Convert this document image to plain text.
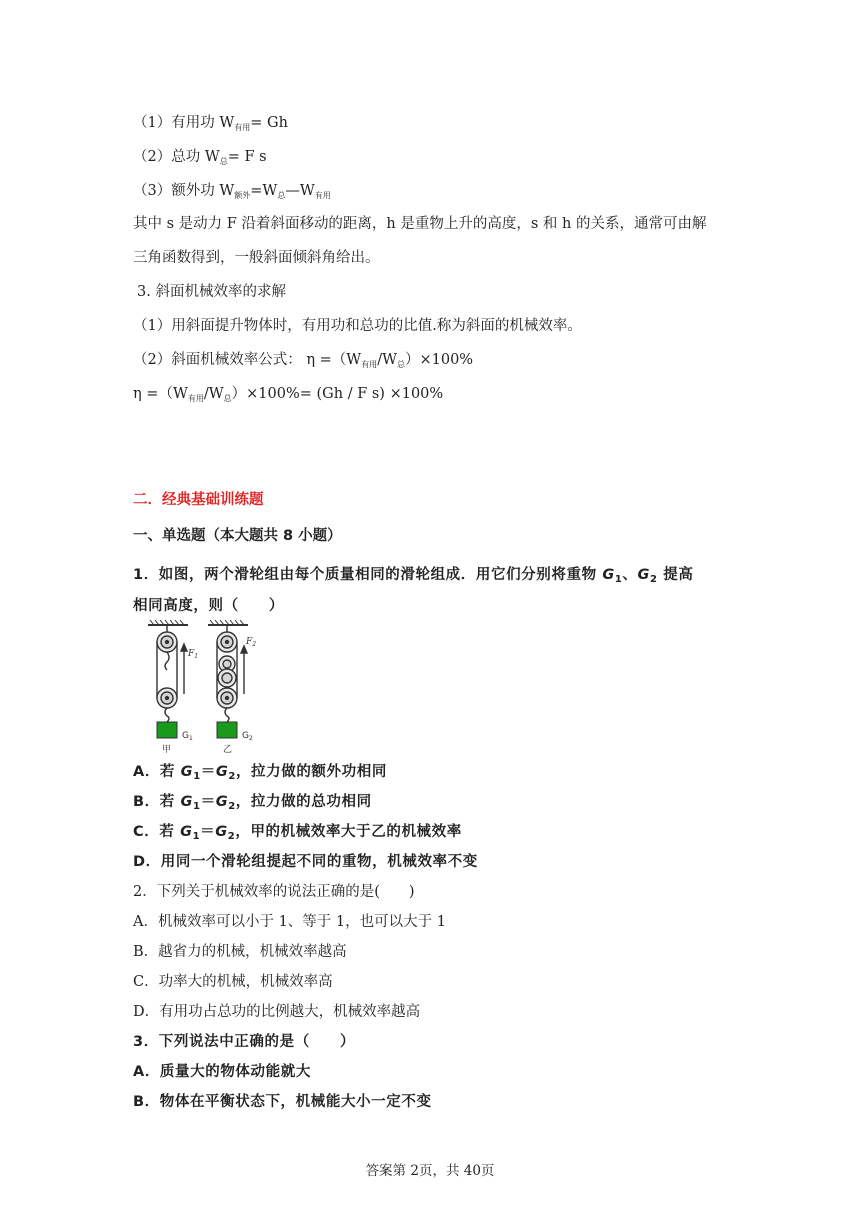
（1）有用功 $W_{有用}= Gh$
（2）总功 $W_总= F$ s
（3）额外功 $W_{额外}=W_总—W_{有用}$
其中 s 是动力 F 沿着斜面移动的距离，h 是重物上升的高度，s 和 h 的关系，通常可由解
三角函数得到，一般斜面倾斜角给出。
3. 斜面机械效率的求解
（1）用斜面提升物体时，有用功和总功的比值.称为斜面的机械效率。
（2）斜面机械效率公式： $\eta =(W_{有用}/W_总)\times 100\%$
$\eta =(W_{有用}/W_总)\times 100\%= (Gh / F$ s) ×100%
二．经典基础训练题
一、单选题（本大题共 8 小题）
1．如图，两个滑轮组由每个质量相同的滑轮组成．用它们分别将重物 $G_1$、$G_2$ 提高
相同高度，则（　　）
$F_1$
$G_1$
甲
$F_2$
$G_2$
乙
A．若 $G_1=G_2$，拉力做的额外功相同
B．若 $G_1=G_2$，拉力做的总功相同
C．若 $G_1=G_2$，甲的机械效率大于乙的机械效率
D．用同一个滑轮组提起不同的重物，机械效率不变
2．下列关于机械效率的说法正确的是(　　)
A．机械效率可以小于 1、等于 1，也可以大于 1
B．越省力的机械，机械效率越高
C．功率大的机械，机械效率高
D．有用功占总功的比例越大，机械效率越高
3．下列说法中正确的是（　　）
A．质量大的物体动能就大
B．物体在平衡状态下，机械能大小一定不变
答案第 2页，共 40页
